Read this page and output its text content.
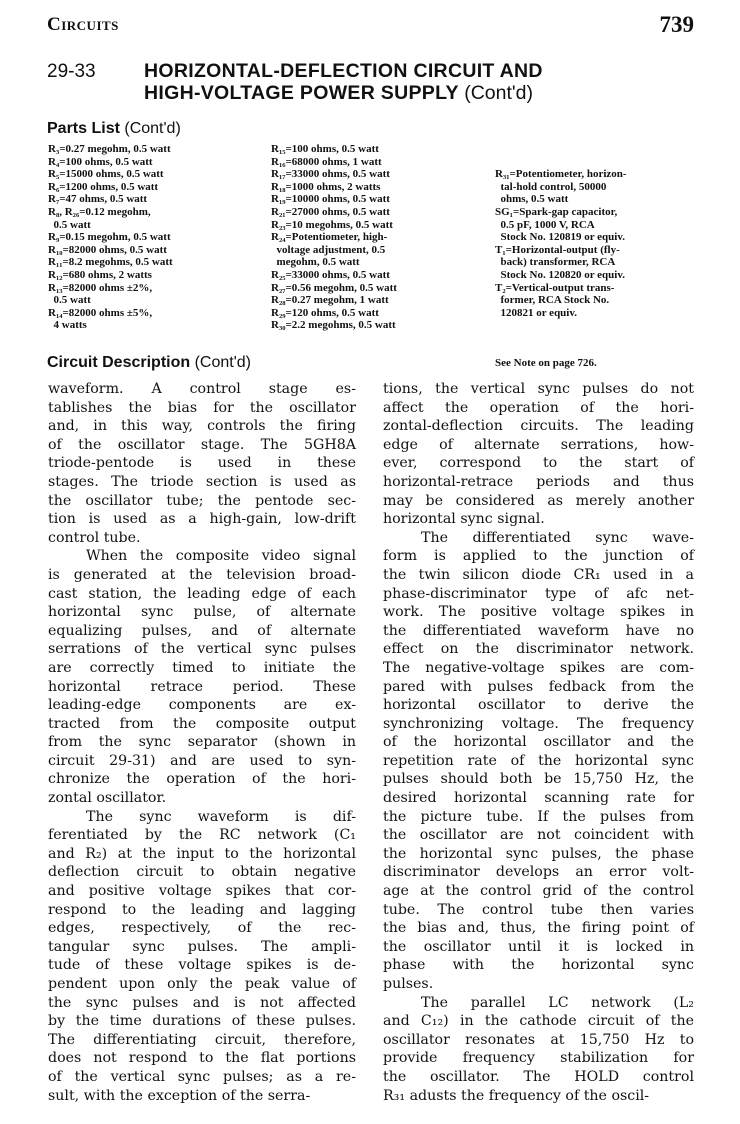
Circuits	739
29-33 HORIZONTAL-DEFLECTION CIRCUIT AND
HIGH-VOLTAGE POWER SUPPLY (Cont'd)
Parts List (Cont'd)
R₃=0.27 megohm, 0.5 watt
R₄=100 ohms, 0.5 watt
R₅=15000 ohms, 0.5 watt
R₆=1200 ohms, 0.5 watt
R₇=47 ohms, 0.5 watt
R₈, R₂₆=0.12 megohm,
0.5 watt
R₉=0.15 megohm, 0.5 watt
R₁₀=82000 ohms, 0.5 watt
R₁₁=8.2 megohms, 0.5 watt
R₁₂=680 ohms, 2 watts
R₁₃=82000 ohms ±2%,
0.5 watt
R₁₄=82000 ohms ±5%,
4 watts
R₁₅=100 ohms, 0.5 watt
R₁₆=68000 ohms, 1 watt
R₁₇=33000 ohms, 0.5 watt
R₁₈=1000 ohms, 2 watts
R₁₉=10000 ohms, 0.5 watt
R₂₁=27000 ohms, 0.5 watt
R₂₃=10 megohms, 0.5 watt
R₂₄=Potentiometer, high-
voltage adjustment, 0.5
megohm, 0.5 watt
R₂₅=33000 ohms, 0.5 watt
R₂₇=0.56 megohm, 0.5 watt
R₂₈=0.27 megohm, 1 watt
R₂₉=120 ohms, 0.5 watt
R₃₀=2.2 megohms, 0.5 watt

R₃₁=Potentiometer, horizon-
tal-hold control, 50000
ohms, 0.5 watt
SG₁=Spark-gap capacitor,
0.5 pF, 1000 V, RCA
Stock No. 120819 or equiv.
T₁=Horizontal-output (fly-
back) transformer, RCA
Stock No. 120820 or equiv.
T₂=Vertical-output trans-
former, RCA Stock No.
120821 or equiv.

See Note on page 726.

Circuit Description (Cont'd)
waveform. A control stage es-
tablishes the bias for the oscillator
and, in this way, controls the firing
of the oscillator stage. The 5GH8A
triode-pentode is used in these
stages. The triode section is used as
the oscillator tube; the pentode sec-
tion is used as a high-gain, low-drift
control tube.
When the composite video signal
is generated at the television broad-
cast station, the leading edge of each
horizontal sync pulse, of alternate
equalizing pulses, and of alternate
serrations of the vertical sync pulses
are correctly timed to initiate the
horizontal retrace period. These
leading-edge components are ex-
tracted from the composite output
from the sync separator (shown in
circuit 29-31) and are used to syn-
chronize the operation of the hori-
zontal oscillator.
The sync waveform is dif-
ferentiated by the RC network (C₁
and R₂) at the input to the horizontal
deflection circuit to obtain negative
and positive voltage spikes that cor-
respond to the leading and lagging
edges, respectively, of the rec-
tangular sync pulses. The ampli-
tude of these voltage spikes is de-
pendent upon only the peak value of
the sync pulses and is not affected
by the time durations of these pulses.
The differentiating circuit, therefore,
does not respond to the flat portions
of the vertical sync pulses; as a re-
sult, with the exception of the serra-
tions, the vertical sync pulses do not
affect the operation of the hori-
zontal-deflection circuits. The leading
edge of alternate serrations, how-
ever, correspond to the start of
horizontal-retrace periods and thus
may be considered as merely another
horizontal sync signal.
The differentiated sync wave-
form is applied to the junction of
the twin silicon diode CR₁ used in a
phase-discriminator type of afc net-
work. The positive voltage spikes in
the differentiated waveform have no
effect on the discriminator network.
The negative-voltage spikes are com-
pared with pulses fedback from the
horizontal oscillator to derive the
synchronizing voltage. The frequency
of the horizontal oscillator and the
repetition rate of the horizontal sync
pulses should both be 15,750 Hz, the
desired horizontal scanning rate for
the picture tube. If the pulses from
the oscillator are not coincident with
the horizontal sync pulses, the phase
discriminator develops an error volt-
age at the control grid of the control
tube. The control tube then varies
the bias and, thus, the firing point of
the oscillator until it is locked in
phase with the horizontal sync
pulses.
The parallel LC network (L₂
and C₁₂) in the cathode circuit of the
oscillator resonates at 15,750 Hz to
provide frequency stabilization for
the oscillator. The HOLD control
R₃₁ adusts the frequency of the oscil-
